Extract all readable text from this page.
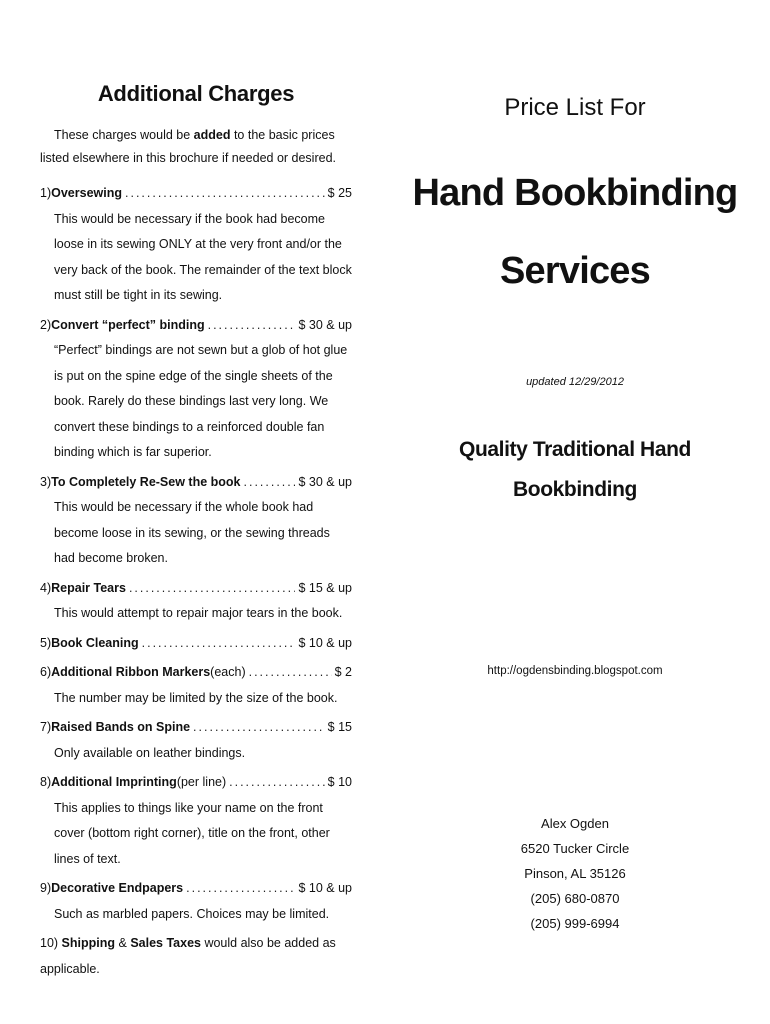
Additional Charges

These charges would be added to the basic prices listed elsewhere in this brochure if needed or desired.

1) Oversewing .....	$ 25
This would be necessary if the book had become loose in its sewing ONLY at the very front and/or the very back of the book. The remainder of the text block must still be tight in its sewing.
2) Convert “perfect” binding .....	$ 30 & up
“Perfect” bindings are not sewn but a glob of hot glue is put on the spine edge of the single sheets of the book. Rarely do these bindings last very long. We convert these bindings to a reinforced double fan binding which is far superior.
3) To Completely Re-Sew the book .....	$ 30 & up
This would be necessary if the whole book had become loose in its sewing, or the sewing threads had become broken.
4) Repair Tears .....	$ 15 & up
This would attempt to repair major tears in the book.
5) Book Cleaning .....	$ 10 & up
6) Additional Ribbon Markers (each) .....	$ 2
The number may be limited by the size of the book.
7) Raised Bands on Spine .....	$ 15
Only available on leather bindings.
8) Additional Imprinting (per line) .....	$ 10
This applies to things like your name on the front cover (bottom right corner), title on the front, other lines of text.
9) Decorative Endpapers .....	$ 10 & up
Such as marbled papers. Choices may be limited.
10) Shipping & Sales Taxes would also be added as applicable.
Price List For
Hand Bookbinding
Services
updated 12/29/2012
Quality Traditional Hand
Bookbinding
http://ogdensbinding.blogspot.com
Alex Ogden
6520 Tucker Circle
Pinson, AL 35126
(205) 680-0870
(205) 999-6994
